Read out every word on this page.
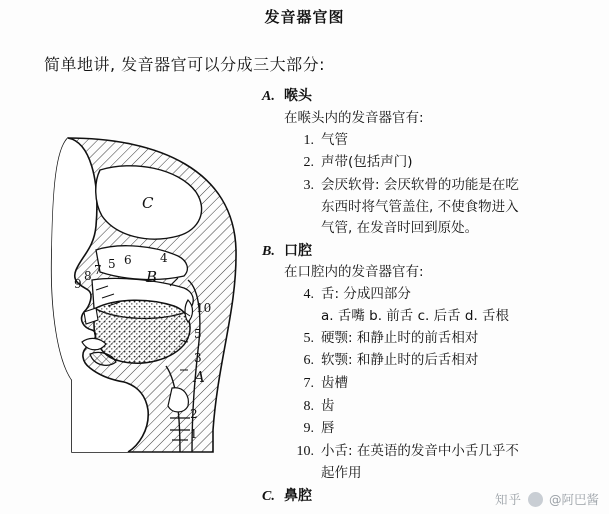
发音器官图
简单地讲, 发音器官可以分成三大部分:
C
B
A
9
8 7 5 6 4
10
5
3
2
1
A. 喉头
在喉头内的发音器官有:
1. 气管
2. 声带(包括声门)
3. 会厌软骨: 会厌软骨的功能是在吃
东西时将气管盖住, 不使食物进入
气管, 在发音时回到原处。
B. 口腔
在口腔内的发音器官有:
4. 舌: 分成四部分
a. 舌嘴 b. 前舌 c. 后舌 d. 舌根
5. 硬颚: 和静止时的前舌相对
6. 软颚: 和静止时的后舌相对
7. 齿槽
8. 齿
9. 唇
10. 小舌: 在英语的发音中小舌几乎不
起作用
C. 鼻腔	知乎 @阿巴酱
